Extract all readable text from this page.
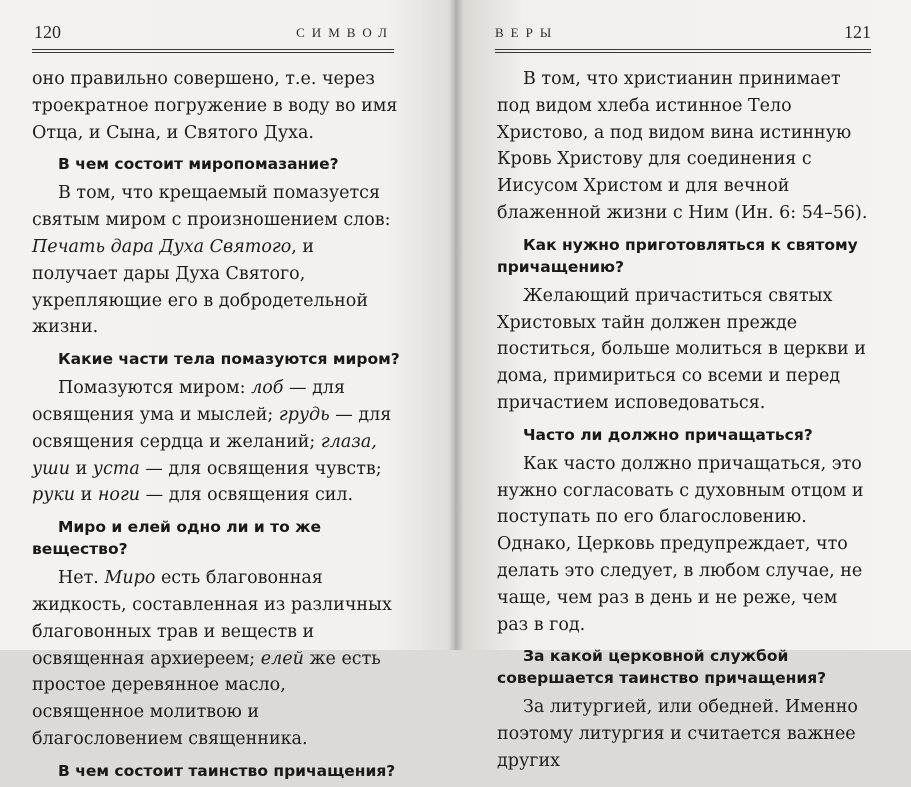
120	СИМВОЛ

оно правильно совершено, т.е. через троекратное погружение в воду во имя Отца, и Сына, и Святого Духа.

В чем состоит миропомазание?

В том, что крещаемый помазуется святым миром с произношением слов: Печать дара Духа Святого, и получает дары Духа Святого, укрепляющие его в добродетельной жизни.

Какие части тела помазуются миром?

Помазуются миром: лоб — для освящения ума и мыслей; грудь — для освящения сердца и желаний; глаза, уши и уста — для освящения чувств; руки и ноги — для освящения сил.

Миро и елей одно ли и то же вещество?

Нет. Миро есть благовонная жидкость, составленная из различных благовонных трав и веществ и освященная архиереем; елей же есть простое деревянное масло, освященное молитвою и благословением священника.

В чем состоит таинство причащения?
ВЕРЫ	121

В том, что христианин принимает под видом хлеба истинное Тело Христово, а под видом вина истинную Кровь Христову для соединения с Иисусом Христом и для вечной блаженной жизни с Ним (Ин. 6: 54–56).

Как нужно приготовляться к святому причащению?

Желающий причаститься святых Христовых тайн должен прежде поститься, больше молиться в церкви и дома, примириться со всеми и перед причастием исповедоваться.

Часто ли должно причащаться?

Как часто должно причащаться, это нужно согласовать с духовным отцом и поступать по его благословению. Однако, Церковь предупреждает, что делать это следует, в любом случае, не чаще, чем раз в день и не реже, чем раз в год.

За какой церковной службой совершается таинство причащения?

За литургией, или обедней. Именно поэтому литургия и считается важнее других
